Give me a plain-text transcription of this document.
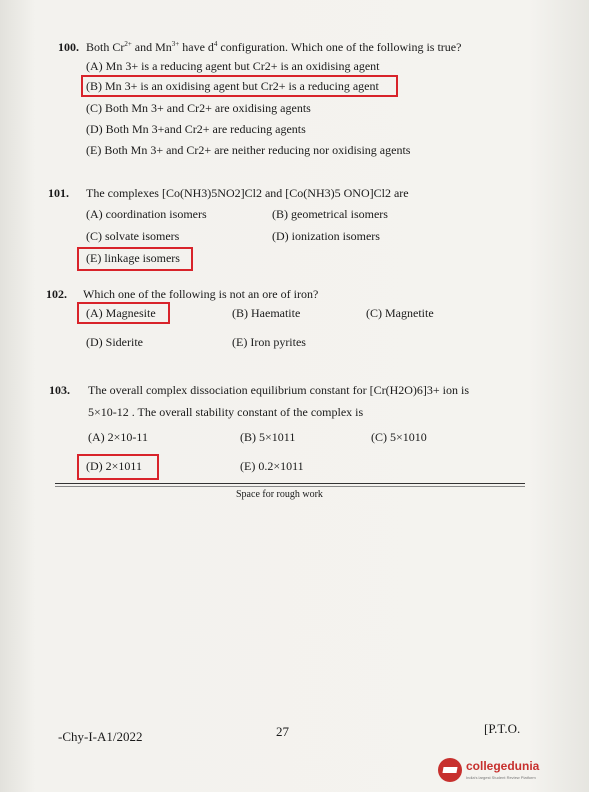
100. Both $Cr^{2+}$ and $Mn^{3+}$ have $d^4$ configuration. Which one of the following is true?
(A) Mn 3+ is a reducing agent but Cr2+ is an oxidising agent
(B) Mn 3+ is an oxidising agent but Cr2+ is a reducing agent
(C) Both Mn 3+ and Cr2+ are oxidising agents
(D) Both Mn 3+and Cr2+ are reducing agents
(E) Both Mn 3+ and Cr2+ are neither reducing nor oxidising agents
101. The complexes [Co(NH3)5NO2]Cl2 and [Co(NH3)5 ONO]Cl2 are
(A) coordination isomers	(B) geometrical isomers
(C) solvate isomers	(D) ionization isomers
(E) linkage isomers
102. Which one of the following is not an ore of iron?
(A) Magnesite	(B) Haematite	(C) Magnetite
(D) Siderite	(E) Iron pyrites
103. The overall complex dissociation equilibrium constant for [Cr(H2O)6]3+ ion is
5×10-12 . The overall stability constant of the complex is
(A) 2×10-11	(B) 5×1011	(C) 5×1010
(D) 2×1011	(E) 0.2×1011
Space for rough work
-Chy-I-A1/2022	27	[P.T.O.
collegedunia
India's largest Student Review Platform
